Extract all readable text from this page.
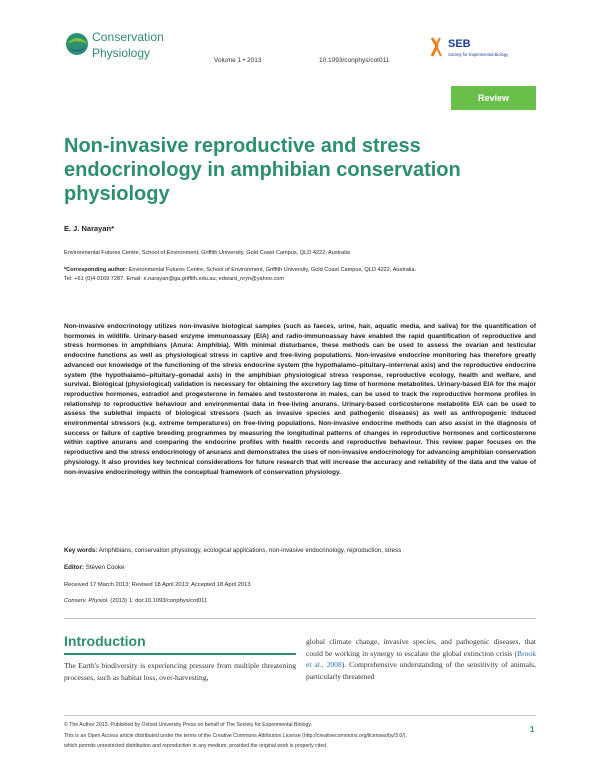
Conservation
Physiology
Volume 1 • 2013	10.1093/conphys/cot011
SEB
Society for Experimental Biology
Review
Non-invasive reproductive and stress endocrinology in amphibian conservation physiology
E. J. Narayan*
Environmental Futures Centre, School of Environment, Griffith University, Gold Coast Campus, QLD 4222, Australia
*Corresponding author: Environmental Futures Centre, School of Environment, Griffith University, Gold Coast Campus, QLD 4222, Australia.
Tel: +61 (0)4 0169 7287. Email: e.narayan@ga.griffith.edu.au; edward_nryn@yahoo.com
Non-invasive endocrinology utilizes non-invasive biological samples (such as faeces, urine, hair, aquatic media, and saliva) for the quantification of hormones in wildlife. Urinary-based enzyme immunoassay (EIA) and radio-immunoassay have enabled the rapid quantification of reproductive and stress hormones in amphibians (Anura: Amphibia). With minimal disturbance, these methods can be used to assess the ovarian and testicular endocrine functions as well as physiological stress in captive and free-living populations. Non-invasive endocrine monitoring has therefore greatly advanced our knowledge of the functioning of the stress endocrine system (the hypothalamo–pituitary–interrenal axis) and the reproductive endocrine system (the hypothalamo–pituitary–gonadal axis) in the amphibian physiological stress response, reproductive ecology, health and welfare, and survival. Biological (physiological) validation is necessary for obtaining the excretory lag time of hormone metabolites. Urinary-based EIA for the major reproductive hormones, estradiol and progesterone in females and testosterone in males, can be used to track the reproductive hormone profiles in relationship to reproductive behaviour and environmental data in free-living anurans. Urinary-based corticosterone metabolite EIA can be used to assess the sublethal impacts of biological stressors (such as invasive species and pathogenic diseases) as well as anthropogenic induced environmental stressors (e.g. extreme temperatures) on free-living populations. Non-invasive endocrine methods can also assist in the diagnosis of success or failure of captive breeding programmes by measuring the longitudinal patterns of changes in reproductive hormones and corticosterone within captive anurans and comparing the endocrine profiles with health records and reproductive behaviour. This review paper focuses on the reproductive and the stress endocrinology of anurans and demonstrates the uses of non-invasive endocrinology for advancing amphibian conservation physiology. It also provides key technical considerations for future research that will increase the accuracy and reliability of the data and the value of non-invasive endocrinology within the conceptual framework of conservation physiology.
Key words: Amphibians, conservation physiology, ecological applications, non-invasive endocrinology, reproduction, stress
Editor: Steven Cooke
Received 17 March 2013; Revised 18 April 2013; Accepted 18 April 2013
Conserv. Physiol. (2013) 1: doi:10.1093/conphys/cot011
Introduction
The Earth's biodiversity is experiencing pressure from multiple threatening processes, such as habitat loss, over-harvesting,
global climate change, invasive species, and pathogenic diseases, that could be working in synergy to escalate the global extinction crisis (Brook et al., 2008). Comprehensive understanding of the sensitivity of animals, particularly threatened
© The Author 2013. Published by Oxford University Press on behalf of The Society for Experimental Biology.
This is an Open Access article distributed under the terms of the Creative Commons Attribution License (http://creativecommons.org/licenses/by/3.0/),
which permits unrestricted distribution and reproduction in any medium, provided the original work is properly cited.
1
